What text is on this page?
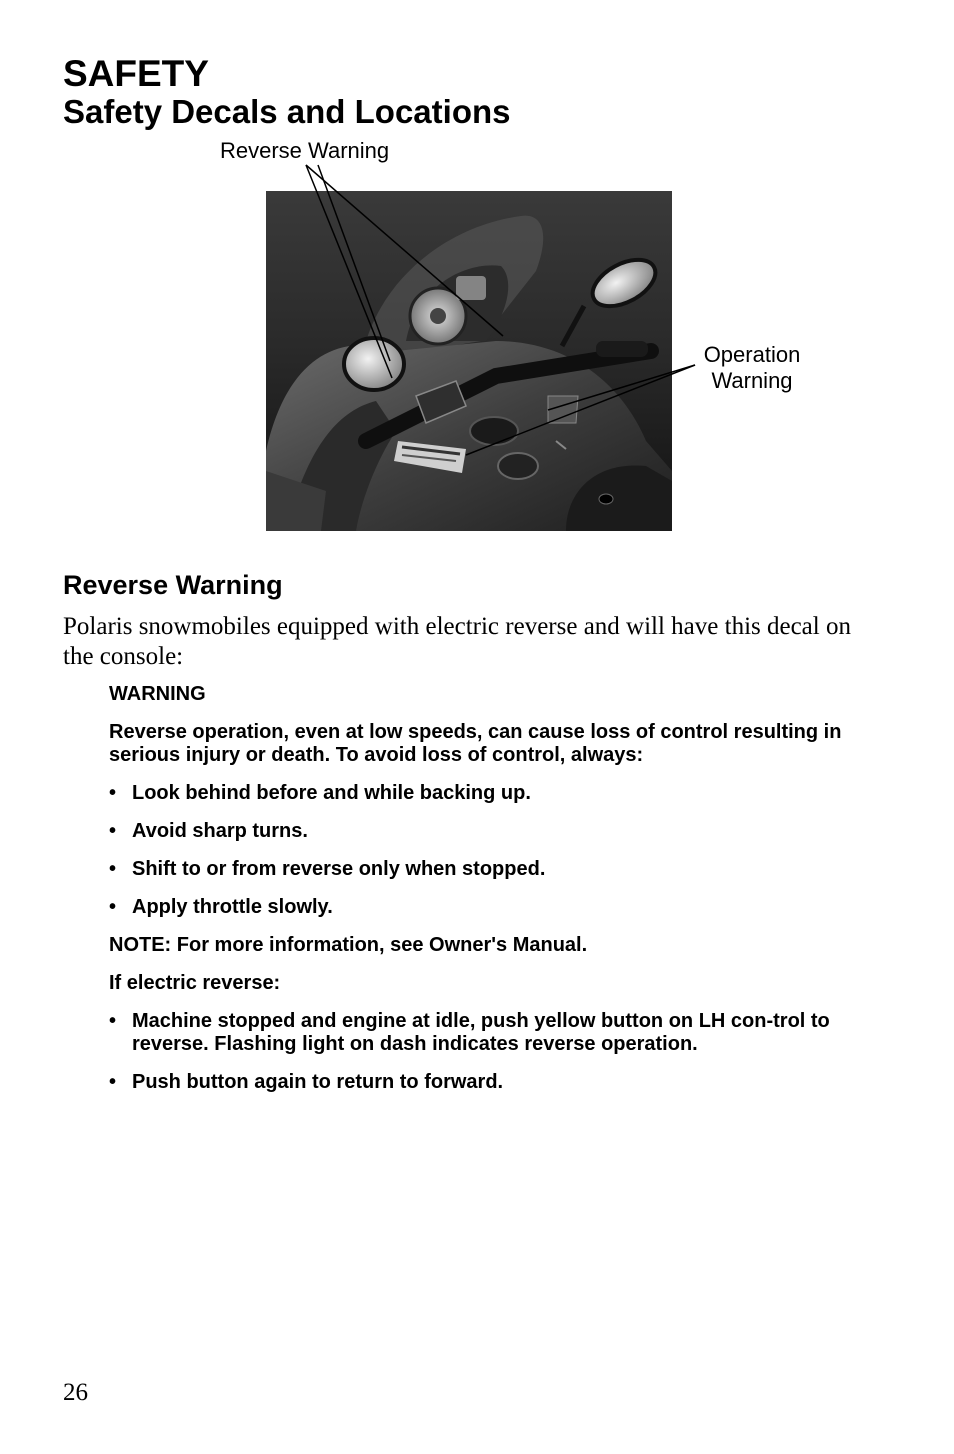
SAFETY
Safety Decals and Locations
Reverse Warning
Operation
Warning
Reverse Warning

Polaris snowmobiles equipped with electric reverse and will have this decal on the console:

WARNING

Reverse operation, even at low speeds, can cause loss of control resulting in serious injury or death. To avoid loss of control, always:

• Look behind before and while backing up.

• Avoid sharp turns.

• Shift to or from reverse only when stopped.

• Apply throttle slowly.

NOTE: For more information, see Owner's Manual.

If electric reverse:

• Machine stopped and engine at idle, push yellow button on LH con-trol to reverse. Flashing light on dash indicates reverse operation.

• Push button again to return to forward.

26
